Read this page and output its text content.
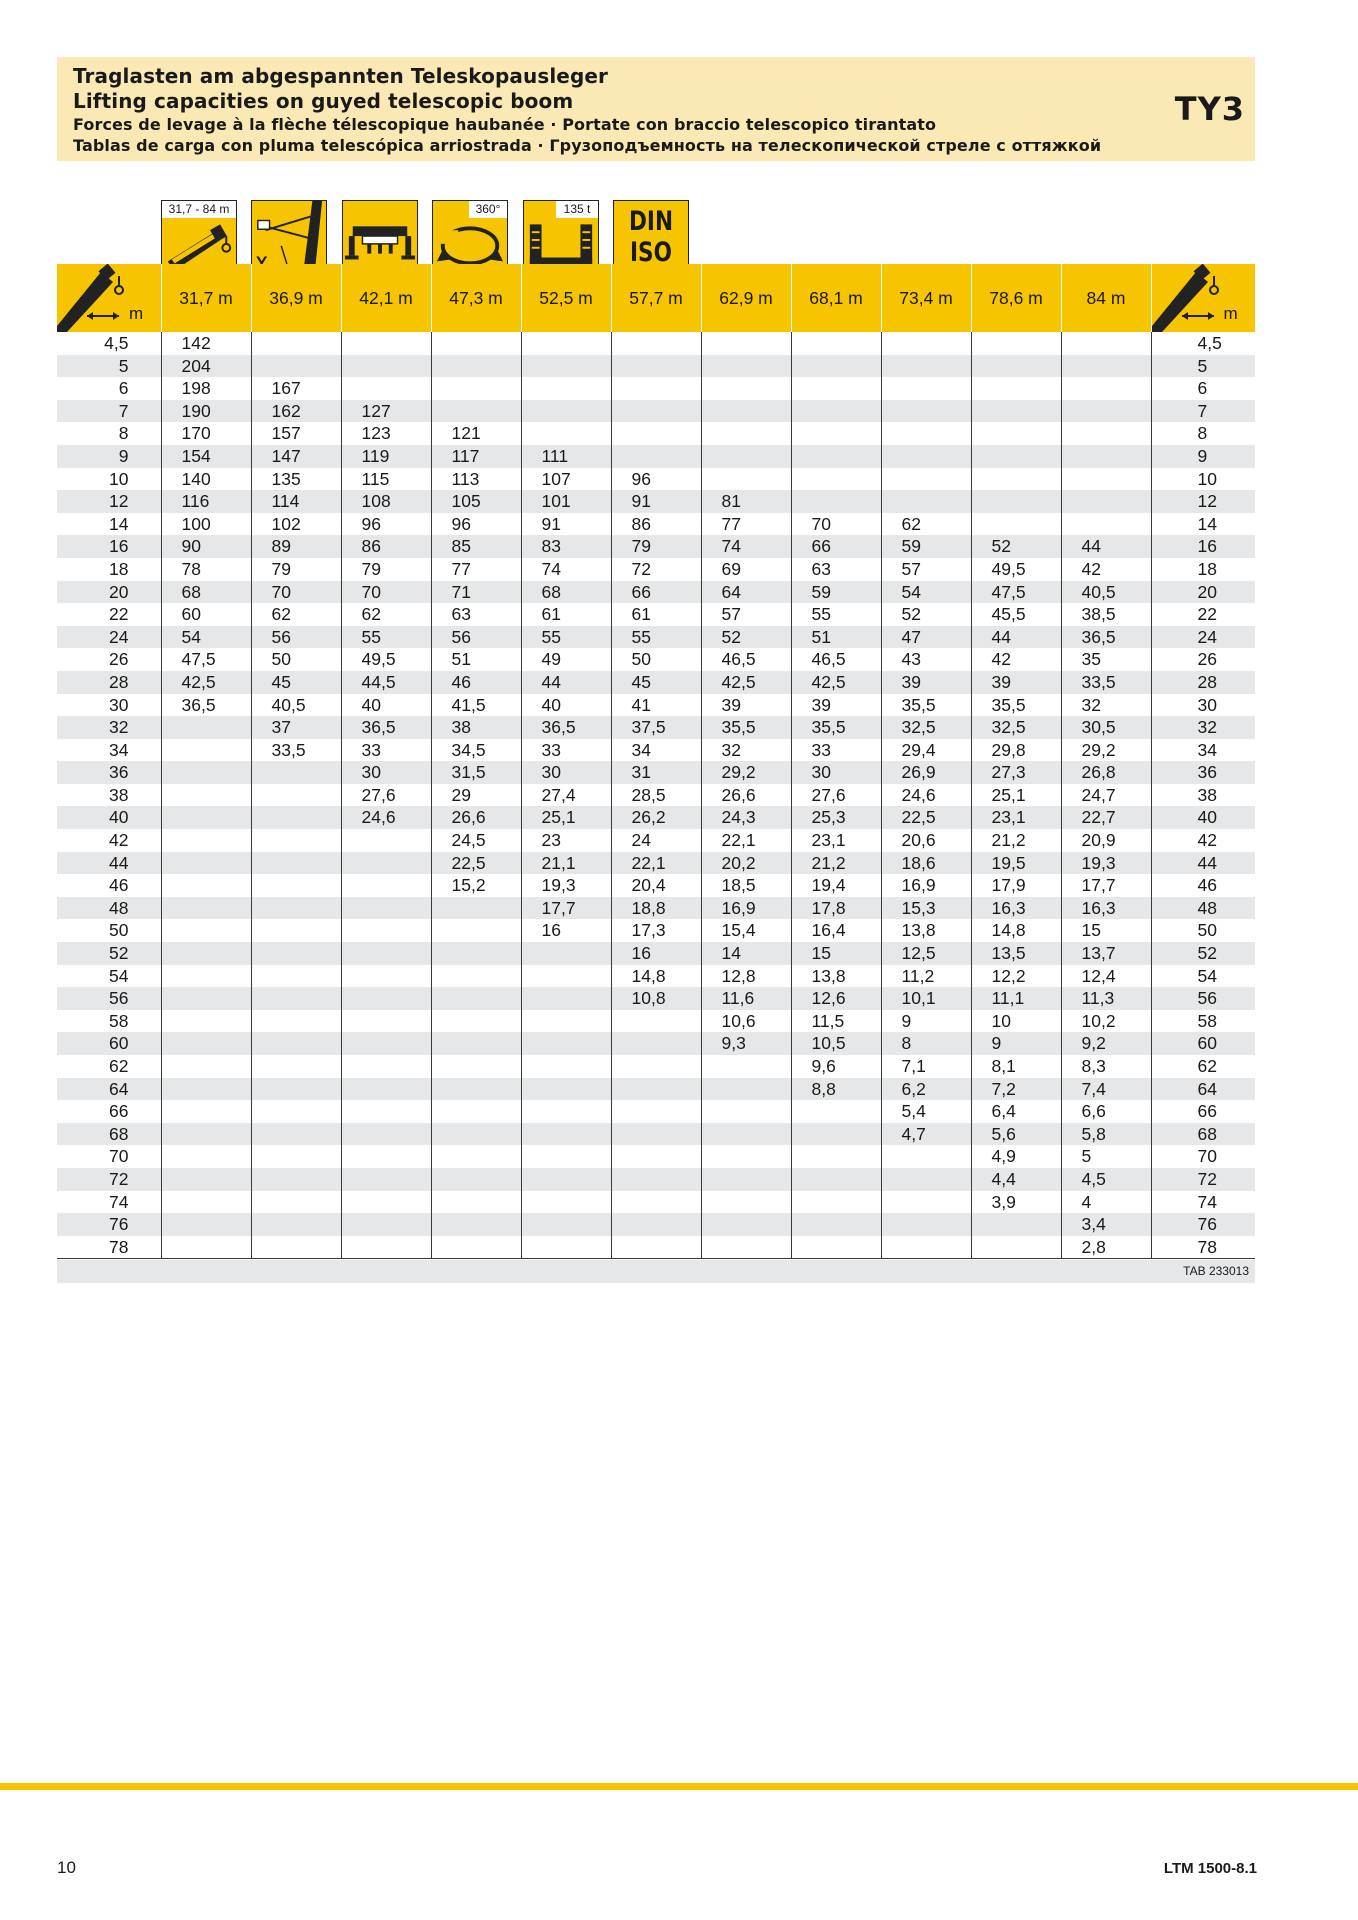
Traglasten am abgespannten Teleskopausleger
Lifting capacities on guyed telescopic boom
Forces de levage à la flèche télescopique haubanée · Portate con braccio telescopico tirantato
Tablas de carga con pluma telescópica arriostrada · Грузоподъемность на телескопической стреле с оттяжкой
TY3
31,7 - 84 m
Y
360°	135 t DIN
ISO
m	31,7 m	36,9 m	42,1 m	47,3 m	52,5 m	57,7 m	62,9 m	68,1 m	73,4 m	78,6 m	84 m	m

4,5	142											4,5
5	204											5
6	198	167										6
7	190	162	127									7
8	170	157	123	121								8
9	154	147	119	117	111							9
10	140	135	115	113	107	96						10
12	116	114	108	105	101	91	81					12
14	100	102	96	96	91	86	77	70	62			14
16	90	89	86	85	83	79	74	66	59	52	44	16
18	78	79	79	77	74	72	69	63	57	49,5	42	18
20	68	70	70	71	68	66	64	59	54	47,5	40,5	20
22	60	62	62	63	61	61	57	55	52	45,5	38,5	22
24	54	56	55	56	55	55	52	51	47	44	36,5	24
26	47,5	50	49,5	51	49	50	46,5	46,5	43	42	35	26
28	42,5	45	44,5	46	44	45	42,5	42,5	39	39	33,5	28
30	36,5	40,5	40	41,5	40	41	39	39	35,5	35,5	32	30
32		37	36,5	38	36,5	37,5	35,5	35,5	32,5	32,5	30,5	32
34		33,5	33	34,5	33	34	32	33	29,4	29,8	29,2	34
36			30	31,5	30	31	29,2	30	26,9	27,3	26,8	36
38			27,6	29	27,4	28,5	26,6	27,6	24,6	25,1	24,7	38
40			24,6	26,6	25,1	26,2	24,3	25,3	22,5	23,1	22,7	40
42				24,5	23	24	22,1	23,1	20,6	21,2	20,9	42
44				22,5	21,1	22,1	20,2	21,2	18,6	19,5	19,3	44
46				15,2	19,3	20,4	18,5	19,4	16,9	17,9	17,7	46
48					17,7	18,8	16,9	17,8	15,3	16,3	16,3	48
50					16	17,3	15,4	16,4	13,8	14,8	15	50
52						16	14	15	12,5	13,5	13,7	52
54						14,8	12,8	13,8	11,2	12,2	12,4	54
56						10,8	11,6	12,6	10,1	11,1	11,3	56
58							10,6	11,5	9	10	10,2	58
60							9,3	10,5	8	9	9,2	60
62								9,6	7,1	8,1	8,3	62
64								8,8	6,2	7,2	7,4	64
66									5,4	6,4	6,6	66
68									4,7	5,6	5,8	68
70										4,9	5	70
72										4,4	4,5	72
74										3,9	4	74
76											3,4	76
78											2,8	78
TAB 233013
10	LTM 1500-8.1
